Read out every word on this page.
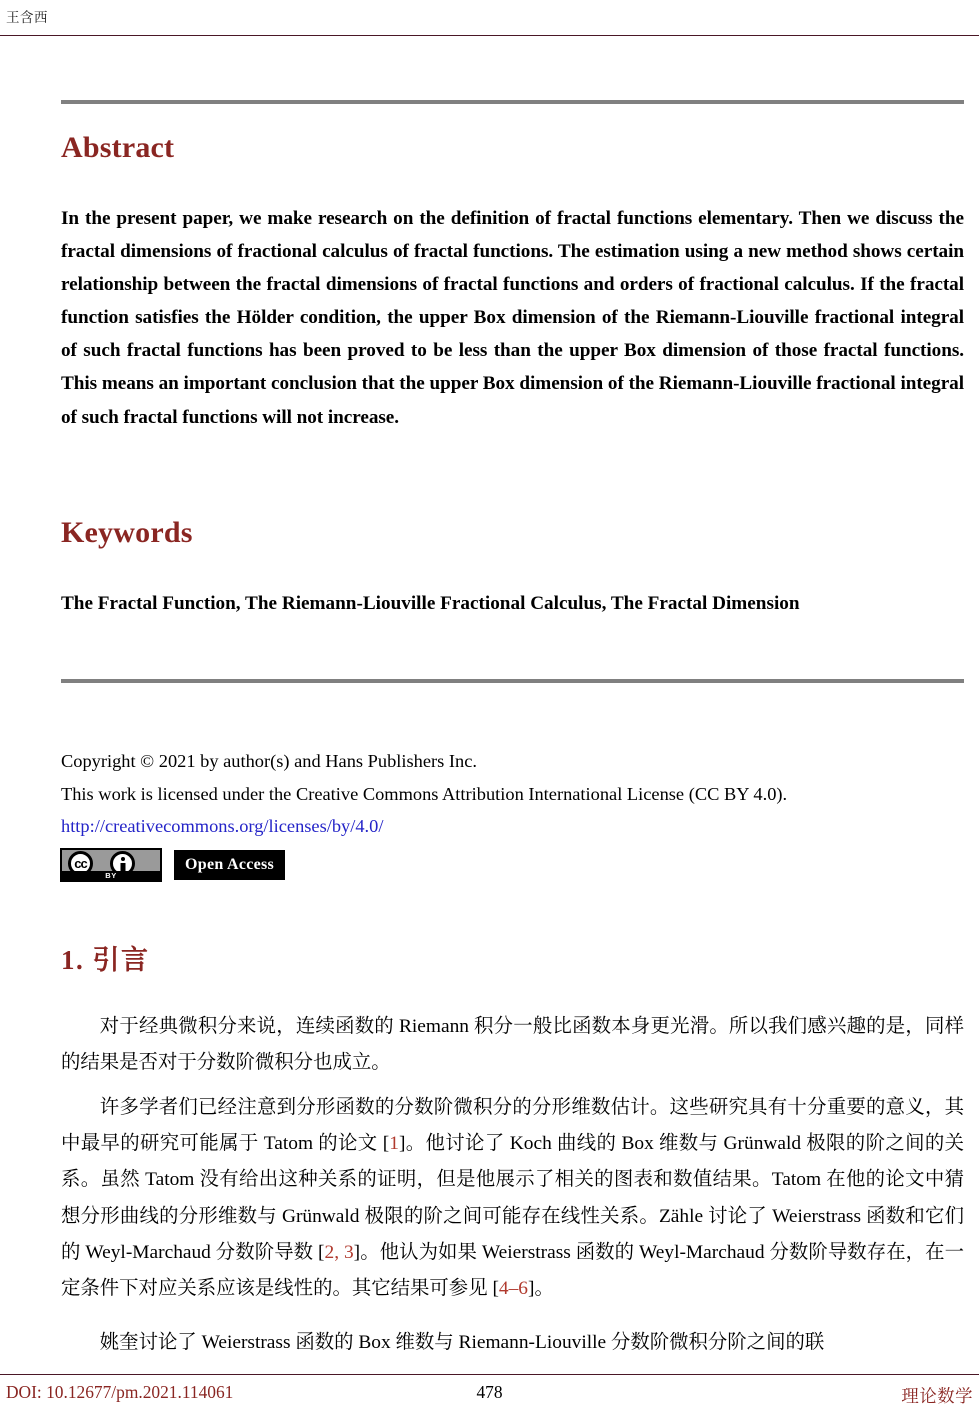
王含西
Abstract
In the present paper, we make research on the definition of fractal functions elementary. Then we discuss the fractal dimensions of fractional calculus of fractal functions. The estimation using a new method shows certain relationship between the fractal dimensions of fractal functions and orders of fractional calculus. If the fractal function satisfies the Hölder condition, the upper Box dimension of the Riemann-Liouville fractional integral of such fractal functions has been proved to be less than the upper Box dimension of those fractal functions. This means an important conclusion that the upper Box dimension of the Riemann-Liouville fractional integral of such fractal functions will not increase.
Keywords
The Fractal Function, The Riemann-Liouville Fractional Calculus, The Fractal Dimension
Copyright © 2021 by author(s) and Hans Publishers Inc.
This work is licensed under the Creative Commons Attribution International License (CC BY 4.0).
http://creativecommons.org/licenses/by/4.0/
cc
BY
Open Access
1. 引言

对于经典微积分来说，连续函数的 Riemann 积分一般比函数本身更光滑。所以我们感兴趣的是，同样的结果是否对于分数阶微积分也成立。

许多学者们已经注意到分形函数的分数阶微积分的分形维数估计。这些研究具有十分重要的意义，其中最早的研究可能属于 Tatom 的论文 [1]。他讨论了 Koch 曲线的 Box 维数与 Grünwald 极限的阶之间的关系。虽然 Tatom 没有给出这种关系的证明，但是他展示了相关的图表和数值结果。Tatom 在他的论文中猜想分形曲线的分形维数与 Grünwald 极限的阶之间可能存在线性关系。Zähle 讨论了 Weierstrass 函数和它们的 Weyl-Marchaud 分数阶导数 [2, 3]。他认为如果 Weierstrass 函数的 Weyl-Marchaud 分数阶导数存在，在一定条件下对应关系应该是线性的。其它结果可参见 [4–6]。

姚奎讨论了 Weierstrass 函数的 Box 维数与 Riemann-Liouville 分数阶微积分阶之间的联

DOI: 10.12677/pm.2021.114061	478	理论数学
